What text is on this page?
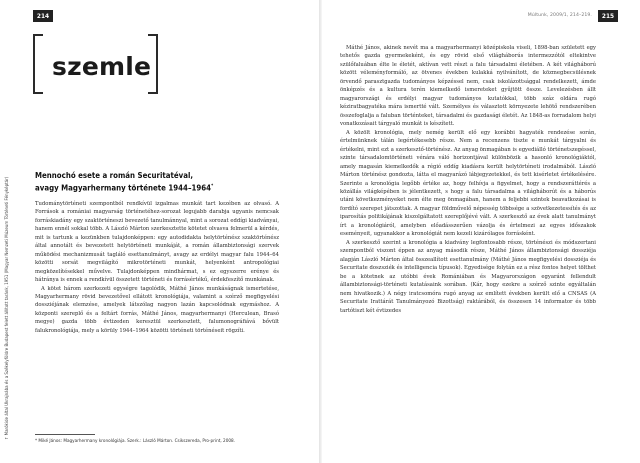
214
szemle
↑ Marókide által Ukrajnába és a Székelyföldre Budapest felett állított taránk, 1951 (Magyar Nemzeti Múzeum Történeti Fényképtár)
Mennochó esete a román Securitatéval,
avagy Magyarhermany története 1944–1964*

Tudománytörténeti szempontból rendkívül izgalmas munkát tart kezében az olvasó. A Források a romániai magyarság történetéhez-sorozat legujabb darabja ugyanis nemcsak forráskiadány egy szaktörténeszi bevezető tanulmánnyal, mint a sorozat eddígi kiadványai, hanem ennél sokkal több. A László Márton szerkesztette kötetet olvasva felmerül a kérdés, mit is tartunk a kezünkben tulajdonképpen: egy autodidakta helytörténész szaktörténész által annotált és bevezetett helytörténeti munkáját, a román állambiztonsági szervek működési mechanizmusát tagláló esettanulmányt, avagy az erdélyi magyar falu 1944–64 közötti sorsát megvilágító mikrotörténeti munkát, helyenként antropológiai megközelítésekkel művelve. Tulajdonképpen mindhármat, s ez egyszerre erénye és hátránya is ennek a rendkívül összetett történeti és forrásértékű, érdekfeszítő munkának.

A kötet három szerkezeti egységre tagolódik, Máthé János munkáságnak ismertetése, Magyarhermany rövid bevezetővel ellátott kronológiája, valamint a szérző megfigyelési dossziéjának elemzése, amelyek látszólag nagyon lazán kapcsolódnak egymáshoz. A központi szereplő és a feltárt forrás, Máthé János, magyarhermanyi (Herculean, Brasó megye) gazda több évtizeden keresztül szerkesztett, falumonográfiává bővült falukronológiája, mely a körüly 1944–1964 közötti történeti történéseit rögzíti.

* Miké János: Magyarhermany kronológiája. Szerk.: László Márton. Csikszereda, Pro-print, 2008.
Múltunk, 2009/1, 214–219.	215

Máthé János, akinek nevét ma a magyarhermanyi középiskola viseli, 1898-ban született egy tehetős gazda gyermekeként, és egy rövid első világháborús intermezzótól eltekintve szülőfaluában élte le életét, aktívan vett részt a falu társadalmi életében. A két világháború között véleményformáló, az ötvenes években kulakká nyilvánított, de közmegbecsülésnek örvendő parasztgazda tudományos képzéssel nem, csak iskolázottsággal rendelkezett, ámde önképzés és a kultura terén kiemelkedő ismereteket gyűjtött össze. Levelezésben állt magyarországi és erdélyi magyar tudományos kutatókkal, több száz oldára rugó kéziratbagyatéka mára ismertté vált. Személyes és választott környezete lehötő rendszerében összefoglalja a faluban történteket, társadalmi és gazdasági életét. Az 1848-as forradalom helyi vonatkozásait tárgyaló munkát is készített.

A közölt kronológia, mely nemég került elő egy korábbi hagyaték rendezése során, értelmünknek tálán legértékesebb része. Nem a recenzens tiszte e munkát tárgyalni és értékelni, mint ezt a szerkesztő-történész. Az anyag önmagában is egyediálló történetszegéssel, szinte társadalomtörténeti vénára váló horizontjával különbözik a hasonló kronológiáktól, amely magasán kiemelkedők a régió eddíg kiadásra került helytörténeti irodalmából. László Márton történész gondozta, látta el magyarázó lábjegyzetekkel, és tett kisérletet értékelésére. Szerinte a kronológia legőbb értéke az, hogy felhívja a figyelmet, hogy a rendszeráttérés a közállás világképében is jélentkezett, s hogy a falu társadalma a világháborút és a háborús utáni következményeket nem élte meg önmagában, hanem a feljebbi szintek beavatkozásai is fordító szerepet játszottak. A magyar földművelő népesség többsége a szövetkezetessítés és az iparosítás politikájának kiszolgáltatott szereplőjévé vált. A szerkesztő az évek alatt tanulmányt írt a kronológiáról, amelyben előadásszerűen vázolja és értelmezi az egyes időszakok eseményeit, ugyanakkor a kronológiát nem kezeli kizárólagos forrásként.

A szerkesztő szerint a kronológia a kiadvány legfontosabb része, történészi és módszertani szempontból viszont éppen az anyag második része, Máthé János állambiztonsági dossziéja alapján László Márton által összeallított esettanulmány (Máthé János megfigyelési dossziéja és Securitate doszsziék és intelligencia típusok). Egyedisége folytán ez a rész fontos helyet tölthet be a kötetnek az utóbbi évek Romániában és Magyarországon egyaránt fellendult állambiztonsági-történeti kutatásaink sorában. (Kár, hogy ezekre a szérző szinte egyáltalán nem hivatkozik.) A négy iratcsomóra rugó anyag az említett években került elő a CNSAS (A Securitate Irattárát Tanulmányozó Bizottság) raktárából, és összesen 14 informator és több tartótiszt két évtizedes
